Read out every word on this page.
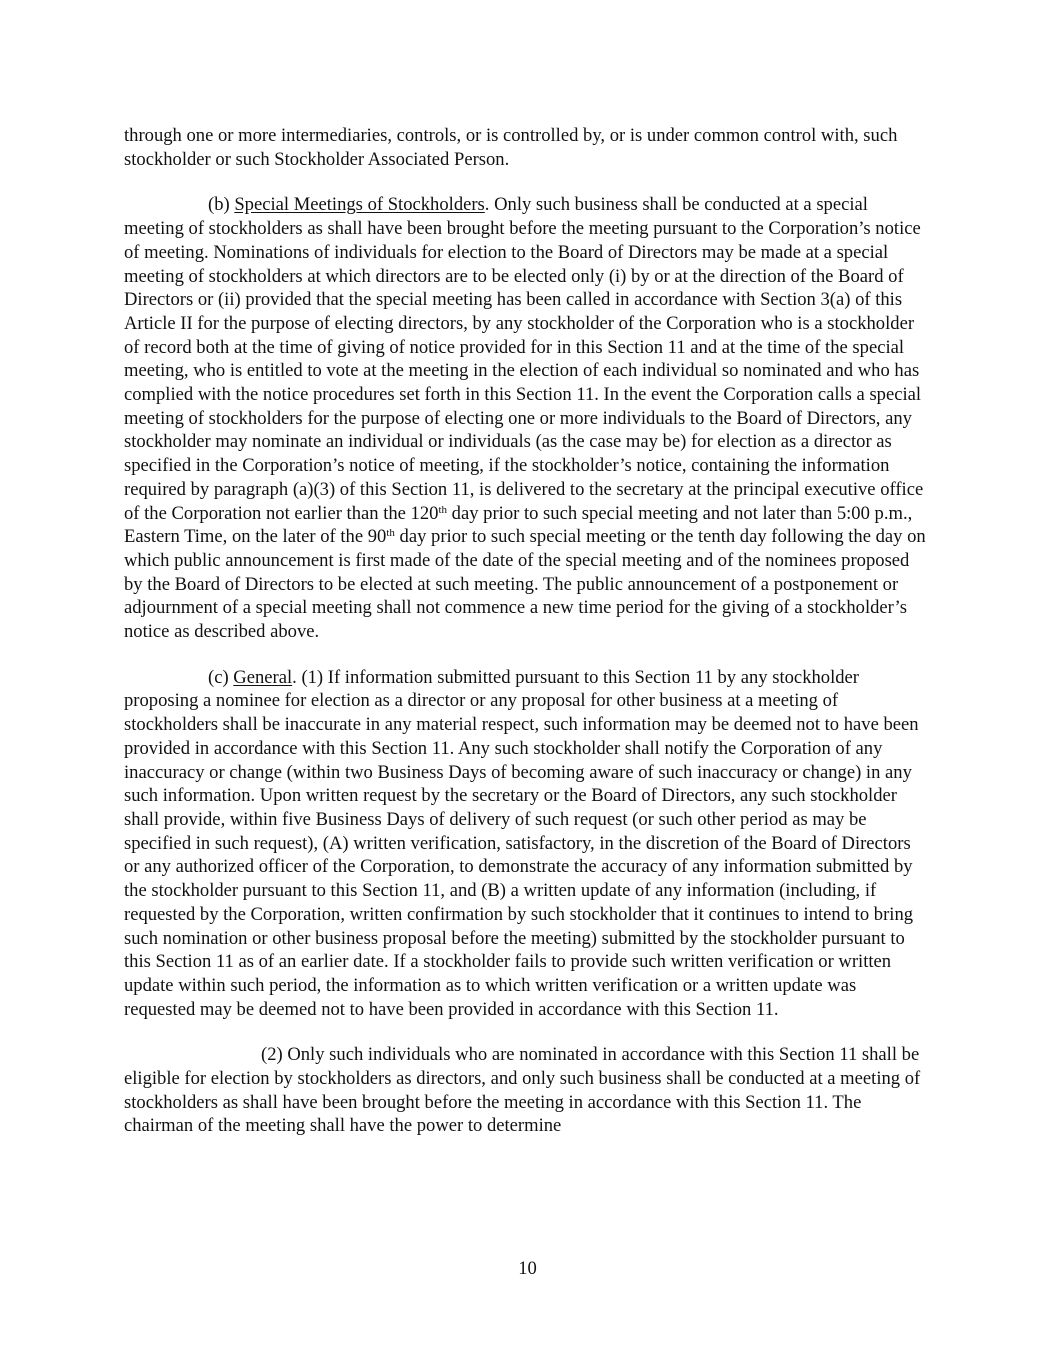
through one or more intermediaries, controls, or is controlled by, or is under common control with, such stockholder or such Stockholder Associated Person.

(b) Special Meetings of Stockholders. Only such business shall be conducted at a special meeting of stockholders as shall have been brought before the meeting pursuant to the Corporation’s notice of meeting. Nominations of individuals for election to the Board of Directors may be made at a special meeting of stockholders at which directors are to be elected only (i) by or at the direction of the Board of Directors or (ii) provided that the special meeting has been called in accordance with Section 3(a) of this Article II for the purpose of electing directors, by any stockholder of the Corporation who is a stockholder of record both at the time of giving of notice provided for in this Section 11 and at the time of the special meeting, who is entitled to vote at the meeting in the election of each individual so nominated and who has complied with the notice procedures set forth in this Section 11. In the event the Corporation calls a special meeting of stockholders for the purpose of electing one or more individuals to the Board of Directors, any stockholder may nominate an individual or individuals (as the case may be) for election as a director as specified in the Corporation’s notice of meeting, if the stockholder’s notice, containing the information required by paragraph (a)(3) of this Section 11, is delivered to the secretary at the principal executive office of the Corporation not earlier than the 120th day prior to such special meeting and not later than 5:00 p.m., Eastern Time, on the later of the 90th day prior to such special meeting or the tenth day following the day on which public announcement is first made of the date of the special meeting and of the nominees proposed by the Board of Directors to be elected at such meeting. The public announcement of a postponement or adjournment of a special meeting shall not commence a new time period for the giving of a stockholder’s notice as described above.

(c) General. (1) If information submitted pursuant to this Section 11 by any stockholder proposing a nominee for election as a director or any proposal for other business at a meeting of stockholders shall be inaccurate in any material respect, such information may be deemed not to have been provided in accordance with this Section 11. Any such stockholder shall notify the Corporation of any inaccuracy or change (within two Business Days of becoming aware of such inaccuracy or change) in any such information. Upon written request by the secretary or the Board of Directors, any such stockholder shall provide, within five Business Days of delivery of such request (or such other period as may be specified in such request), (A) written verification, satisfactory, in the discretion of the Board of Directors or any authorized officer of the Corporation, to demonstrate the accuracy of any information submitted by the stockholder pursuant to this Section 11, and (B) a written update of any information (including, if requested by the Corporation, written confirmation by such stockholder that it continues to intend to bring such nomination or other business proposal before the meeting) submitted by the stockholder pursuant to this Section 11 as of an earlier date. If a stockholder fails to provide such written verification or written update within such period, the information as to which written verification or a written update was requested may be deemed not to have been provided in accordance with this Section 11.

(2) Only such individuals who are nominated in accordance with this Section 11 shall be eligible for election by stockholders as directors, and only such business shall be conducted at a meeting of stockholders as shall have been brought before the meeting in accordance with this Section 11. The chairman of the meeting shall have the power to determine

10
